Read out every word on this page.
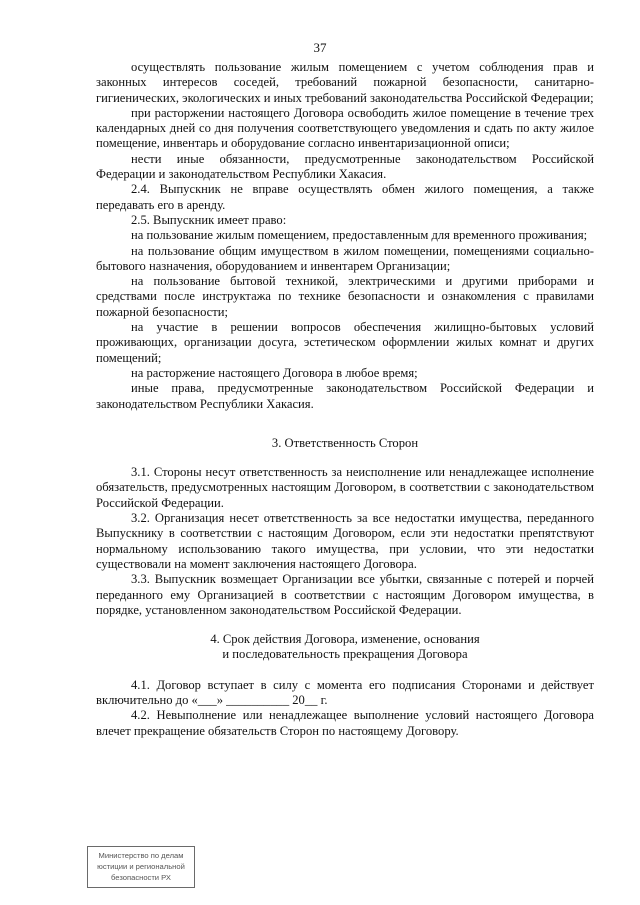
37

осуществлять пользование жилым помещением с учетом соблюдения прав и законных интересов соседей, требований пожарной безопасности, санитарно-гигиенических, экологических и иных требований законодательства Российской Федерации;

при расторжении настоящего Договора освободить жилое помещение в течение трех календарных дней со дня получения соответствующего уведомления и сдать по акту жилое помещение, инвентарь и оборудование согласно инвентаризационной описи;

нести иные обязанности, предусмотренные законодательством Российской Федерации и законодательством Республики Хакасия.

2.4. Выпускник не вправе осуществлять обмен жилого помещения, а также передавать его в аренду.

2.5. Выпускник имеет право:

на пользование жилым помещением, предоставленным для временного проживания;

на пользование общим имуществом в жилом помещении, помещениями социально-бытового назначения, оборудованием и инвентарем Организации;

на пользование бытовой техникой, электрическими и другими приборами и средствами после инструктажа по технике безопасности и ознакомления с правилами пожарной безопасности;

на участие в решении вопросов обеспечения жилищно-бытовых условий проживающих, организации досуга, эстетическом оформлении жилых комнат и других помещений;

на расторжение настоящего Договора в любое время;

иные права, предусмотренные законодательством Российской Федерации и законодательством Республики Хакасия.

3. Ответственность Сторон

3.1. Стороны несут ответственность за неисполнение или ненадлежащее исполнение обязательств, предусмотренных настоящим Договором, в соответствии с законодательством Российской Федерации.

3.2. Организация несет ответственность за все недостатки имущества, переданного Выпускнику в соответствии с настоящим Договором, если эти недостатки препятствуют нормальному использованию такого имущества, при условии, что эти недостатки существовали на момент заключения настоящего Договора.

3.3. Выпускник возмещает Организации все убытки, связанные с потерей и порчей переданного ему Организацией в соответствии с настоящим Договором имущества, в порядке, установленном законодательством Российской Федерации.

4. Срок действия Договора, изменение, основания

и последовательность прекращения Договора

4.1. Договор вступает в силу с момента его подписания Сторонами и действует включительно до «___» __________ 20__ г.

4.2. Невыполнение или ненадлежащее выполнение условий настоящего Договора влечет прекращение обязательств Сторон по настоящему Договору.

Министерство по делам
юстиции и региональной
безопасности РХ
